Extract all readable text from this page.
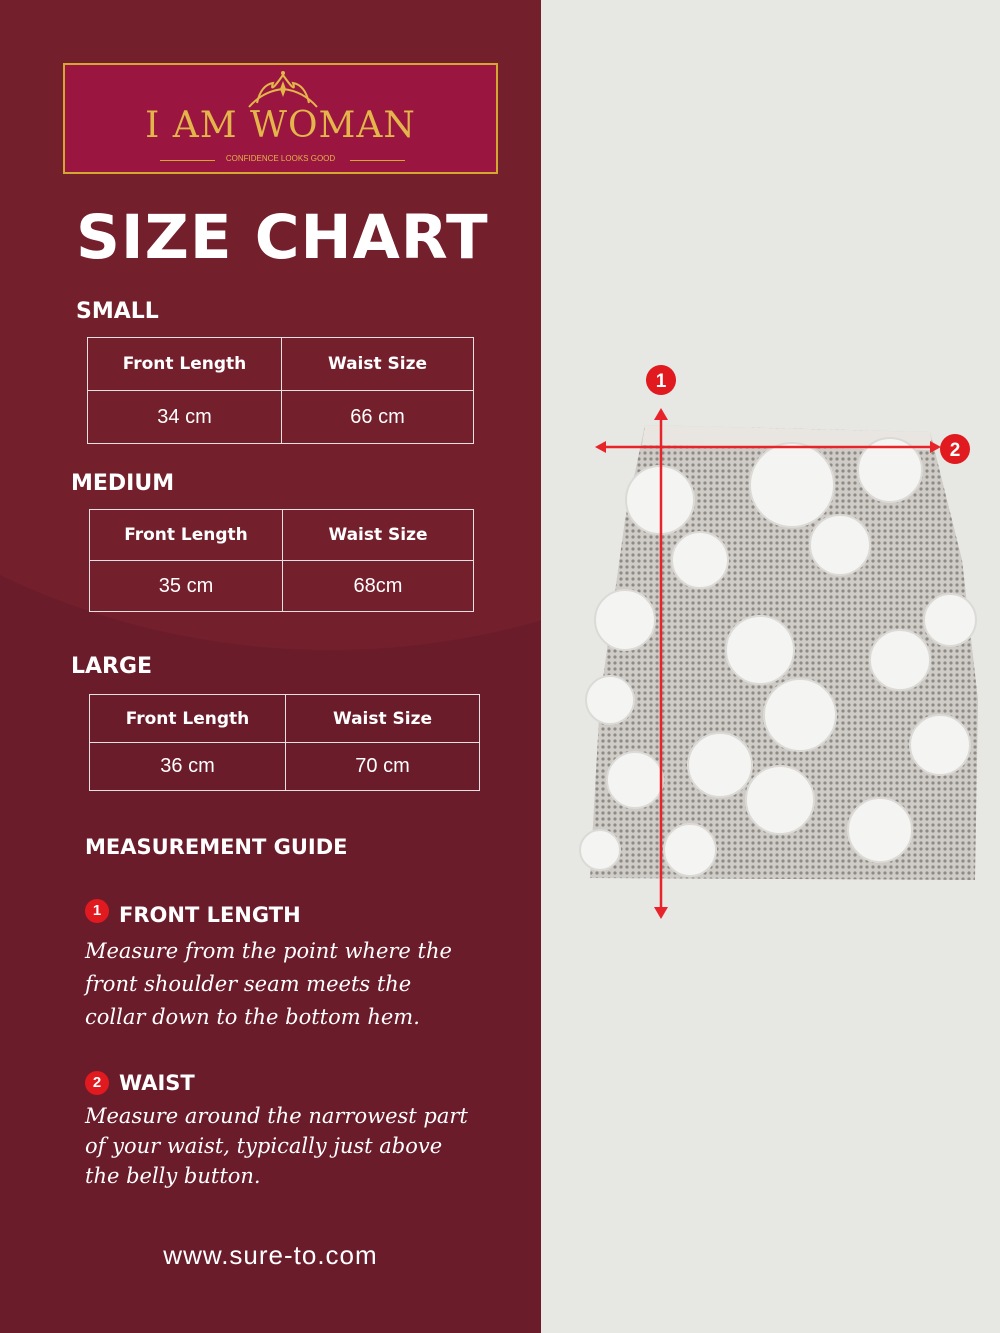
I AM WOMAN
CONFIDENCE LOOKS GOOD
SIZE CHART
SMALL
Front Length	Waist Size
34 cm	66 cm
MEDIUM
Front Length	Waist Size
35 cm	68cm
LARGE
Front Length	Waist Size
36 cm	70 cm
MEASUREMENT GUIDE
1 FRONT LENGTH
Measure from the point where the
front shoulder seam meets the
collar down to the bottom hem.
2 WAIST
Measure around the narrowest part
of your waist, typically just above
the belly button.
www.sure-to.com
1
2
